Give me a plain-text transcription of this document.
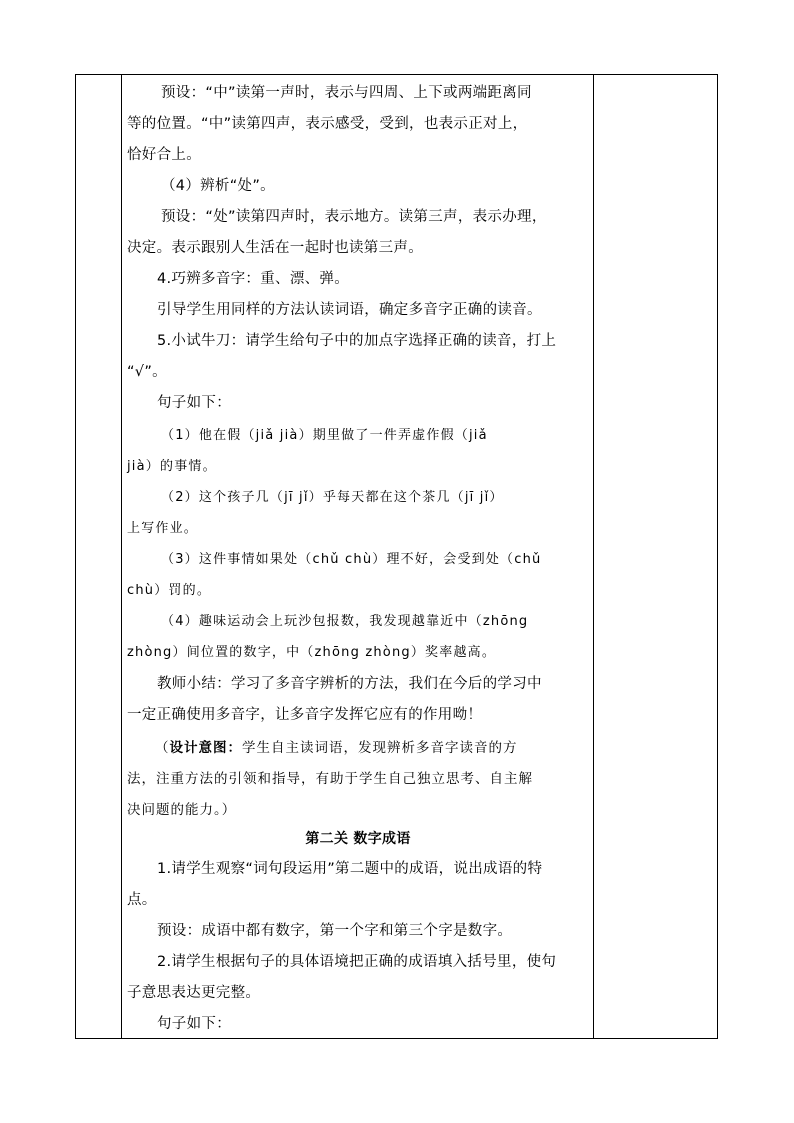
预设：“中”读第一声时，表示与四周、上下或两端距离同
等的位置。“中”读第四声，表示感受，受到，也表示正对上，
恰好合上。
（4）辨析“处”。
预设：“处”读第四声时，表示地方。读第三声，表示办理，
决定。表示跟别人生活在一起时也读第三声。
4.巧辨多音字：重、漂、弹。
引导学生用同样的方法认读词语，确定多音字正确的读音。
5.小试牛刀：请学生给句子中的加点字选择正确的读音，打上
“√”。
句子如下：
（1）他在假（jiǎ jià）期里做了一件弄虚作假（jiǎ
jià）的事情。
（2）这个孩子几（jī jǐ）乎每天都在这个茶几（jī jǐ）
上写作业。
（3）这件事情如果处（chǔ chù）理不好，会受到处（chǔ
chù）罚的。
（4）趣味运动会上玩沙包报数，我发现越靠近中（zhōng
zhòng）间位置的数字，中（zhōng zhòng）奖率越高。
教师小结：学习了多音字辨析的方法，我们在今后的学习中
一定正确使用多音字，让多音字发挥它应有的作用呦！
（设计意图：学生自主读词语，发现辨析多音字读音的方
法，注重方法的引领和指导，有助于学生自己独立思考、自主解
决问题的能力。）
第二关 数字成语
1.请学生观察“词句段运用”第二题中的成语，说出成语的特
点。
预设：成语中都有数字，第一个字和第三个字是数字。
2.请学生根据句子的具体语境把正确的成语填入括号里，使句
子意思表达更完整。
句子如下：
